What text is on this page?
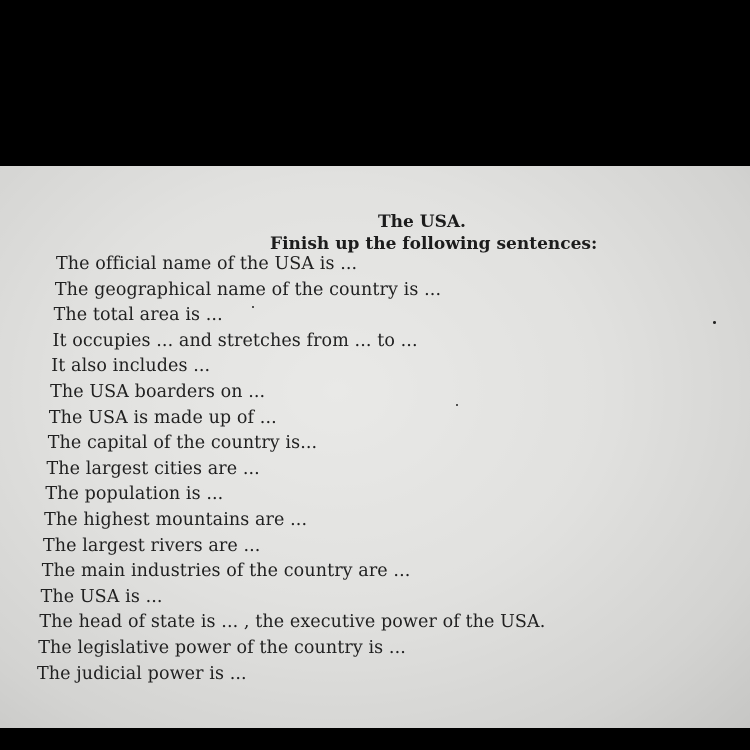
The USA.
Finish up the following sentences:
The official name of the USA is ...
The geographical name of the country is ...
The total area is ...
It occupies ... and stretches from ... to ...
It also includes ...
The USA boarders on ...
The USA is made up of ...
The capital of the country is...
The largest cities are ...
The population is ...
The highest mountains are ...
The largest rivers are ...
The main industries of the country are ...
The USA is ...
The head of state is ... , the executive power of the USA.
The legislative power of the country is ...
The judicial power is ...
